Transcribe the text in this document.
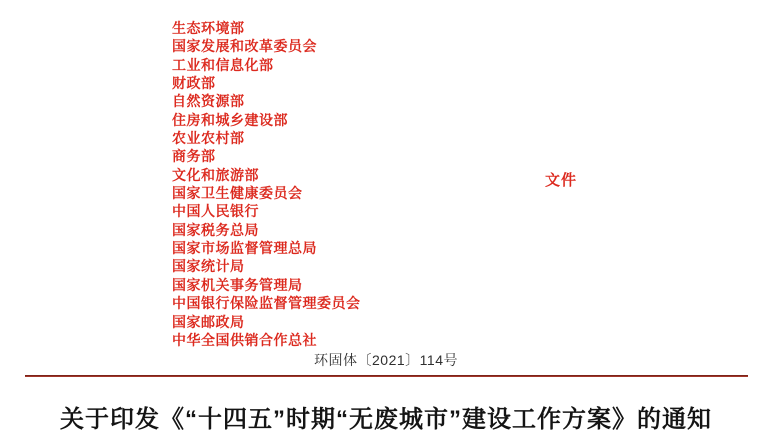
生态环境部
国家发展和改革委员会
工业和信息化部
财政部
自然资源部
住房和城乡建设部
农业农村部
商务部
文化和旅游部
国家卫生健康委员会
中国人民银行
国家税务总局
国家市场监督管理总局
国家统计局
国家机关事务管理局
中国银行保险监督管理委员会
国家邮政局
中华全国供销合作总社
文件
环固体〔2021〕114号
关于印发《“十四五”时期“无废城市”建设工作方案》的通知
